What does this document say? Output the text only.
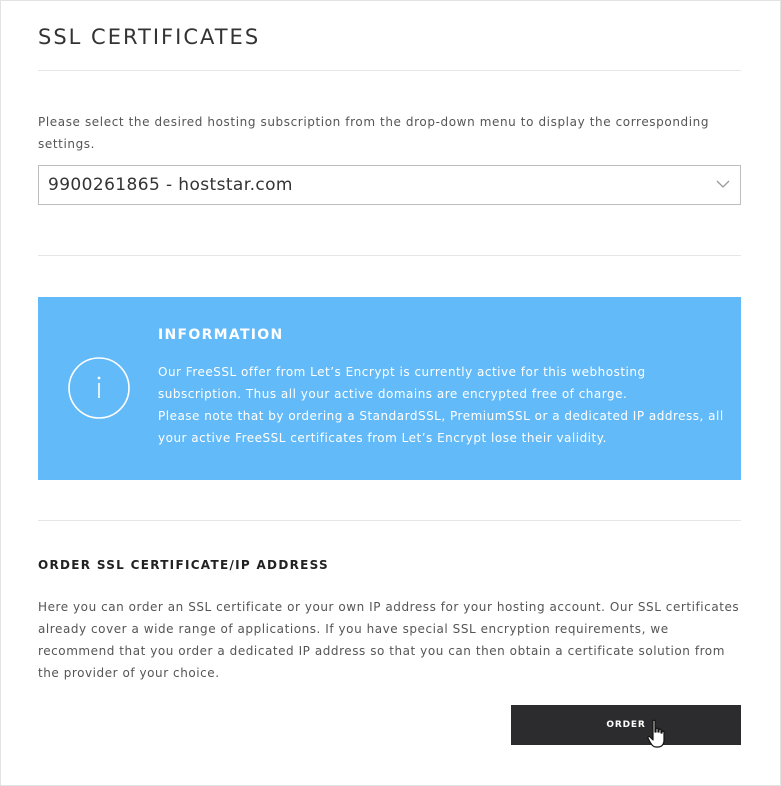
SSL CERTIFICATES

Please select the desired hosting subscription from the drop-down menu to display the corresponding settings.

9900261865 - hoststar.com
INFORMATION
Our FreeSSL offer from Let’s Encrypt is currently active for this webhosting subscription. Thus all your active domains are encrypted free of charge.
Please note that by ordering a StandardSSL, PremiumSSL or a dedicated IP address, all your active FreeSSL certificates from Let’s Encrypt lose their validity.
ORDER SSL CERTIFICATE/IP ADDRESS

Here you can order an SSL certificate or your own IP address for your hosting account. Our SSL certificates already cover a wide range of applications. If you have special SSL encryption requirements, we recommend that you order a dedicated IP address so that you can then obtain a certificate solution from the provider of your choice.

ORDER
